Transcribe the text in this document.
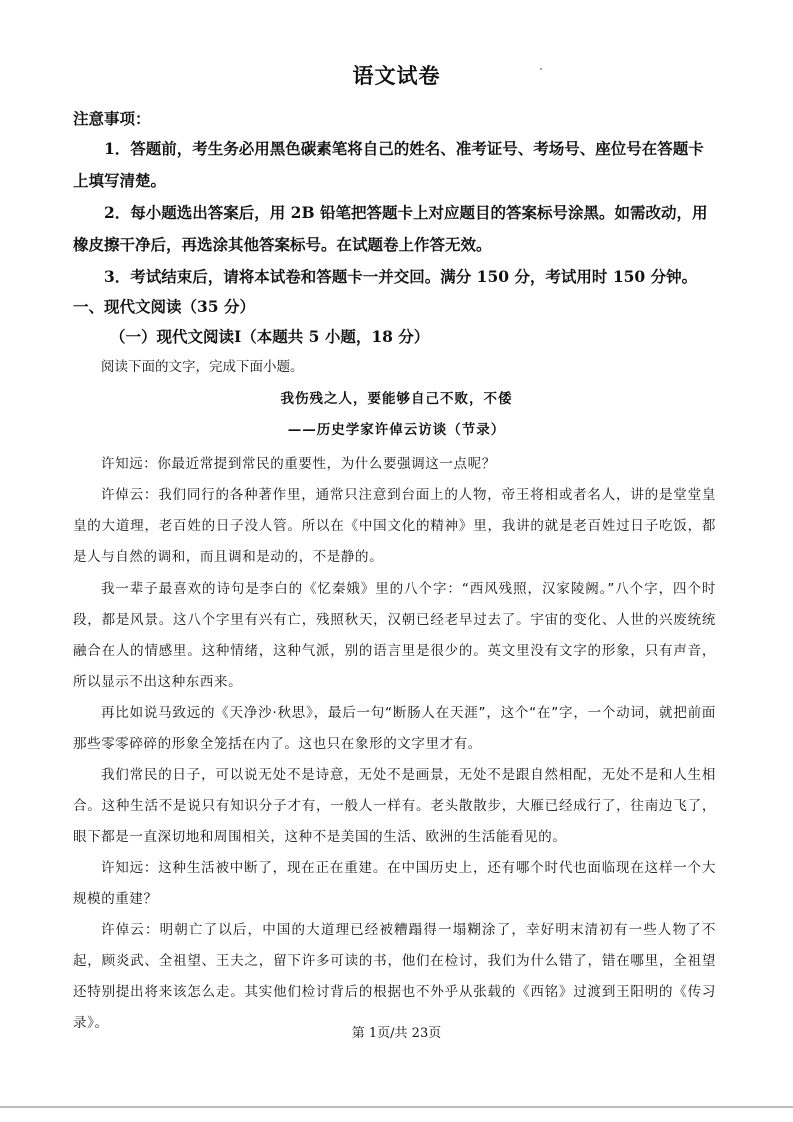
语文试卷
注意事项：
1．答题前，考生务必用黑色碳素笔将自己的姓名、准考证号、考场号、座位号在答题卡
上填写清楚。
2．每小题选出答案后，用 2B 铅笔把答题卡上对应题目的答案标号涂黑。如需改动，用
橡皮擦干净后，再选涂其他答案标号。在试题卷上作答无效。
3．考试结束后，请将本试卷和答题卡一并交回。满分 150 分，考试用时 150 分钟。
一、现代文阅读（35 分）
（一）现代文阅读Ⅰ（本题共 5 小题，18 分）
阅读下面的文字，完成下面小题。
我伤残之人，要能够自己不败，不倭
——历史学家许倬云访谈（节录）
许知远：你最近常提到常民的重要性，为什么要强调这一点呢？
许倬云：我们同行的各种著作里，通常只注意到台面上的人物，帝王将相或者名人，讲的是堂堂皇皇的大道理，老百姓的日子没人管。所以在《中国文化的精神》里，我讲的就是老百姓过日子吃饭，都是人与自然的调和，而且调和是动的，不是静的。
我一辈子最喜欢的诗句是李白的《忆秦娥》里的八个字：“西风残照，汉家陵阙。”八个字，四个时段，都是风景。这八个字里有兴有亡，残照秋天，汉朝已经老早过去了。宇宙的变化、人世的兴废统统融合在人的情感里。这种情绪，这种气派，别的语言里是很少的。英文里没有文字的形象，只有声音，所以显示不出这种东西来。
再比如说马致远的《天净沙·秋思》，最后一句“断肠人在天涯”，这个“在”字，一个动词，就把前面那些零零碎碎的形象全笼括在内了。这也只在象形的文字里才有。
我们常民的日子，可以说无处不是诗意，无处不是画景，无处不是跟自然相配，无处不是和人生相合。这种生活不是说只有知识分子才有，一般人一样有。老头散散步，大雁已经成行了，往南边飞了，眼下都是一直深切地和周围相关，这种不是美国的生活、欧洲的生活能看见的。
许知远：这种生活被中断了，现在正在重建。在中国历史上，还有哪个时代也面临现在这样一个大规模的重建？
许倬云：明朝亡了以后，中国的大道理已经被糟蹋得一塌糊涂了，幸好明末清初有一些人物了不起，顾炎武、全祖望、王夫之，留下许多可读的书，他们在检讨，我们为什么错了，错在哪里，全祖望还特别提出将来该怎么走。其实他们检讨背后的根据也不外乎从张载的《西铭》过渡到王阳明的《传习录》。
第 1页/共 23页
